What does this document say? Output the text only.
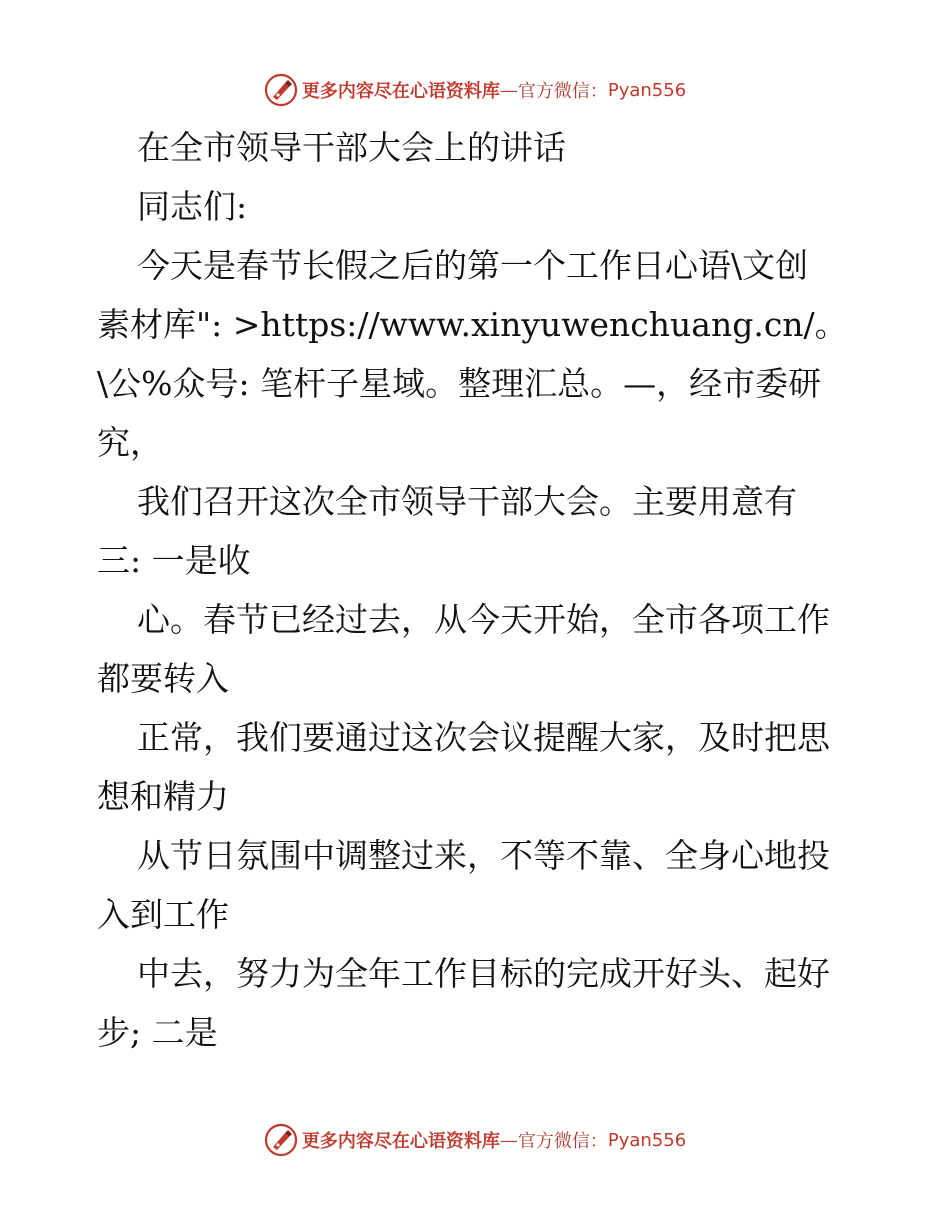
更多内容尽在心语资料库 — 官方微信： Pyan556
在全市领导干部大会上的讲话
同志们:
今天是春节长假之后的第一个工作日心语\文创
素材库": >https://www.xinyuwenchuang.cn/。
\公%众号: 笔杆子星域。整理汇总。—，经市委研
究，
我们召开这次全市领导干部大会。主要用意有
三: 一是收
心。春节已经过去，从今天开始，全市各项工作
都要转入
正常，我们要通过这次会议提醒大家，及时把思
想和精力
从节日氛围中调整过来，不等不靠、全身心地投
入到工作
中去，努力为全年工作目标的完成开好头、起好
步; 二是
更多内容尽在心语资料库 — 官方微信： Pyan556
